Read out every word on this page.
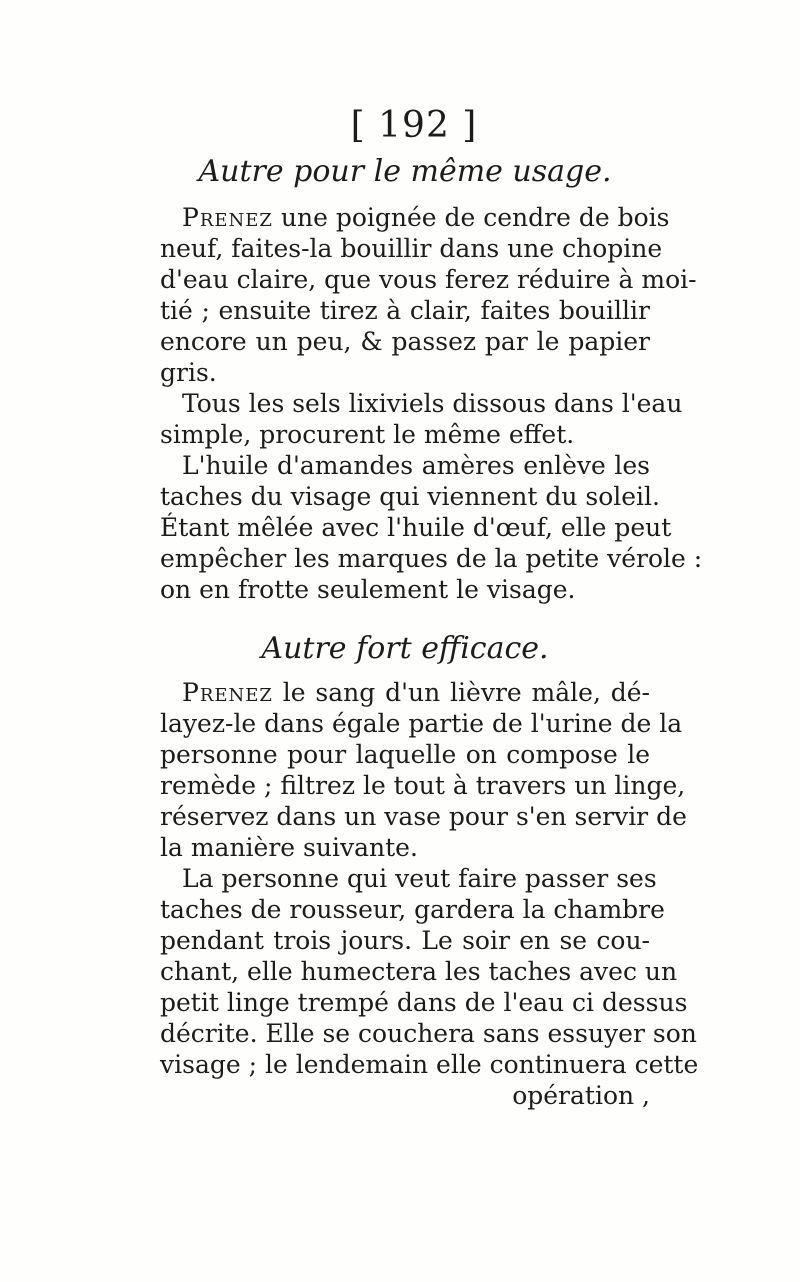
[ 192 ]
Autre pour le même usage.
Prenez une poignée de cendre de bois
neuf, faites-la bouillir dans une chopine
d'eau claire, que vous ferez réduire à moi-
tié ; ensuite tirez à clair, faites bouillir
encore un peu, & passez par le papier
gris.
Tous les sels lixiviels dissous dans l'eau
simple, procurent le même effet.
L'huile d'amandes amères enlève les
taches du visage qui viennent du soleil.
Étant mêlée avec l'huile d'œuf, elle peut
empêcher les marques de la petite vérole :
on en frotte seulement le visage.
Autre fort efficace.
Prenez le sang d'un lièvre mâle, dé-
layez-le dans égale partie de l'urine de la
personne pour laquelle on compose le
remède ; filtrez le tout à travers un linge,
réservez dans un vase pour s'en servir de
la manière suivante.
La personne qui veut faire passer ses
taches de rousseur, gardera la chambre
pendant trois jours. Le soir en se cou-
chant, elle humectera les taches avec un
petit linge trempé dans de l'eau ci dessus
décrite. Elle se couchera sans essuyer son
visage ; le lendemain elle continuera cette
opération ,
